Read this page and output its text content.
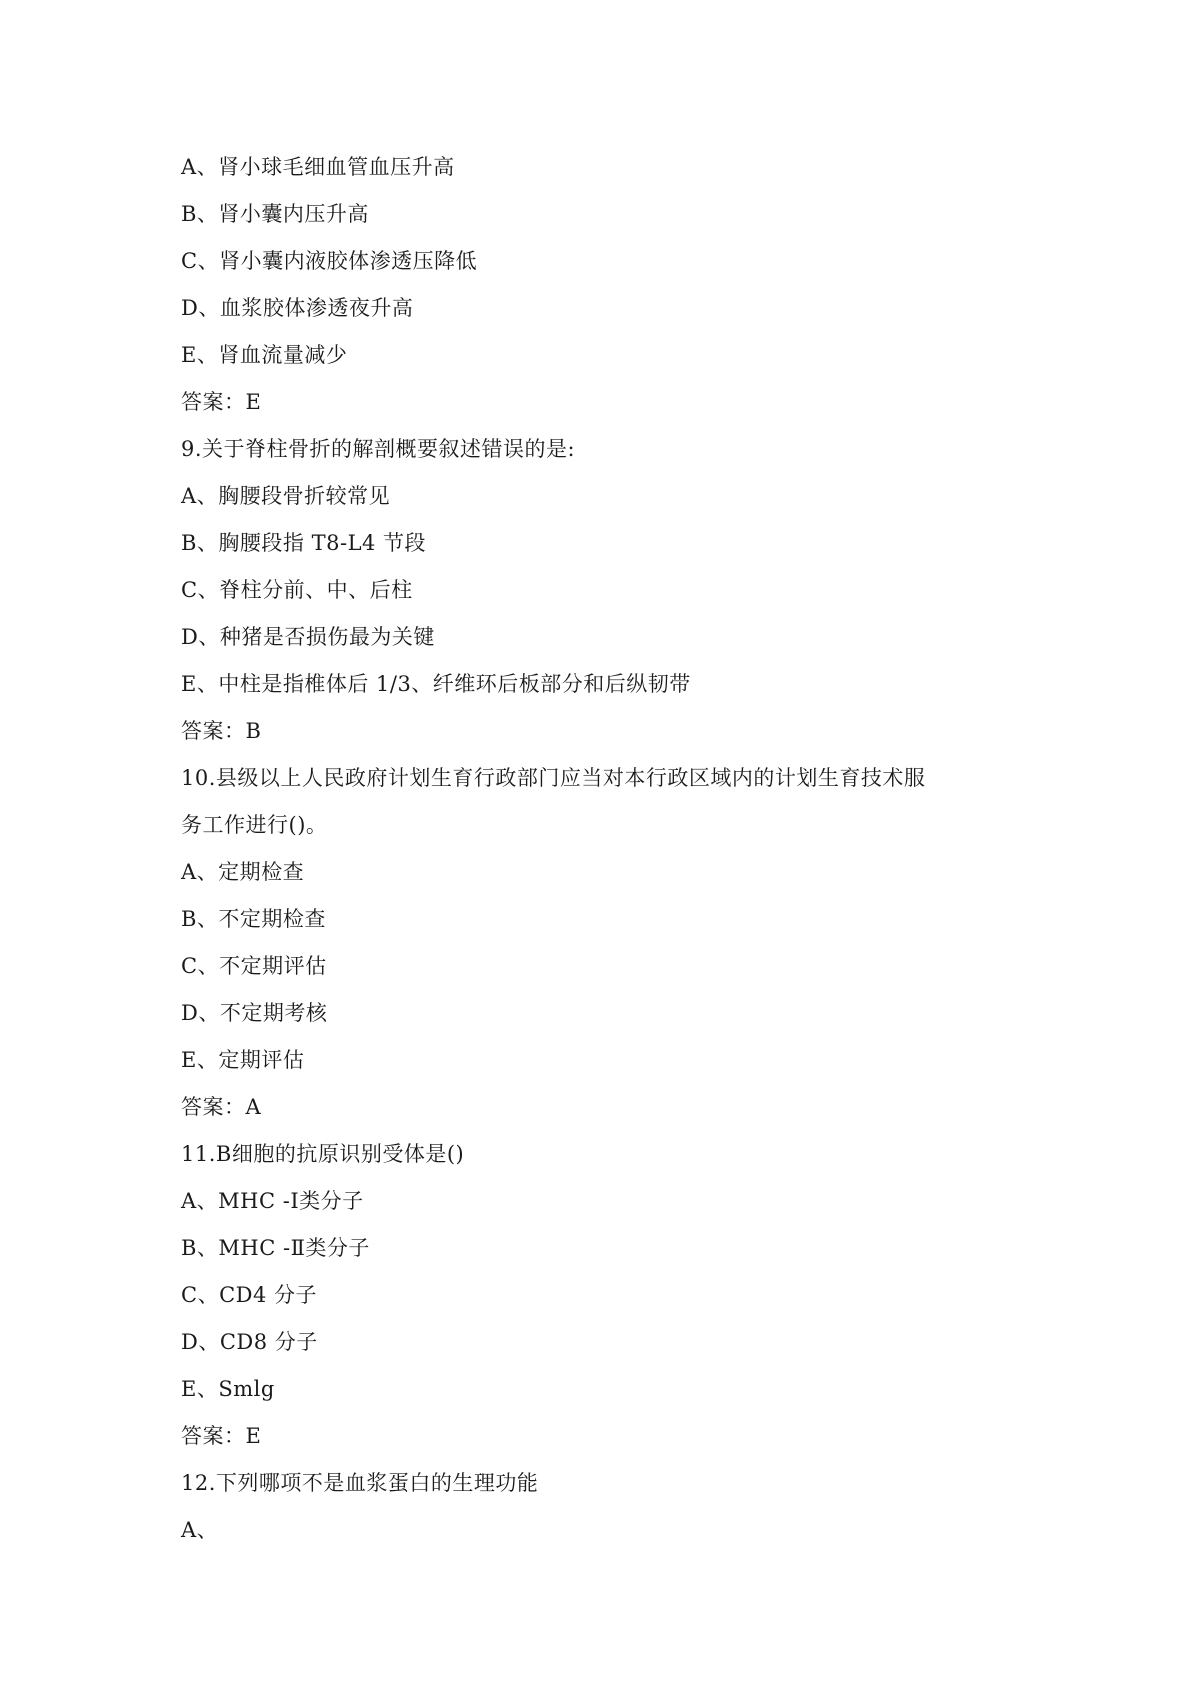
A、肾小球毛细血管血压升高
B、肾小囊内压升高
C、肾小囊内液胶体渗透压降低
D、血浆胶体渗透夜升高
E、肾血流量减少
答案：E
9.关于脊柱骨折的解剖概要叙述错误的是:
A、胸腰段骨折较常见
B、胸腰段指 T8-L4 节段
C、脊柱分前、中、后柱
D、种猪是否损伤最为关键
E、中柱是指椎体后 1/3、纤维环后板部分和后纵韧带
答案：B
10.县级以上人民政府计划生育行政部门应当对本行政区域内的计划生育技术服
务工作进行()。
A、定期检查
B、不定期检查
C、不定期评估
D、不定期考核
E、定期评估
答案：A
11.B细胞的抗原识别受体是()
A、MHC -Ⅰ类分子
B、MHC -Ⅱ类分子
C、CD4 分子
D、CD8 分子
E、Smlg
答案：E
12.下列哪项不是血浆蛋白的生理功能
A、
